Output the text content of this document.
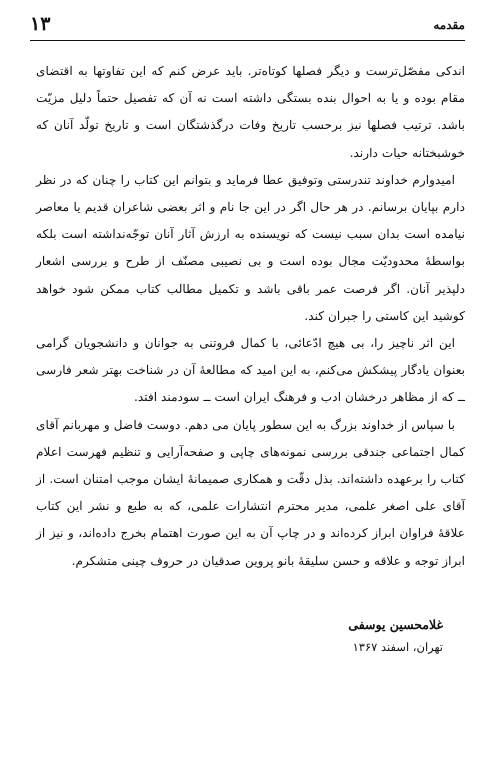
مقدمه
۱۳

اندکی مفصّل‌تر‌ست و دیگر فصلها کوتاه‌تر. باید عرض کنم که این تفاوتها به اقتضای مقام بوده و یا به احوال بنده بستگی داشته است نه آن که تفصیل حتماً دلیل مزیّت باشد. ترتیب فصلها نیز برحسب تاریخ وفات درگذشتگان است و تاریخ تولّد آنان که خوشبختانه حیات دارند.

امیدوارم خداوند تندرستی وتوفیق عطا فرماید و بتوانم این کتاب را چنان که در نظر دارم بپایان برسانم. در هر حال اگر در این جا نام و اثر بعضی شاعران قدیم یا معاصر نیامده است بدان سبب نیست که نویسنده به ارزش آثار آنان توجّه‌نداشته است بلکه بواسطهٔ محدودیّت مجال بوده است و بی نصیبی مصنّف از طرح و بررسی اشعار دلپذیر آنان. اگر فرصت عمر باقی باشد و تکمیل مطالب کتاب ممکن شود خواهد کوشید این کاستی را جبران کند.

این اثر ناچیز را، بی هیچ ادّعائی، با کمال فروتنی به جوانان و دانشجویان گرامی بعنوان یادگار پیشکش می‌کنم، به این امید که مطالعهٔ آن در شناخت بهتر شعر فارسی ــ که از مظاهر درخشان ادب و فرهنگ ایران است ــ سودمند افتد.

با سپاس از خداوند بزرگ به این سطور پایان می دهم. دوست فاضل و مهربانم آقای کمال اجتماعی جندقی بررسی نمونه‌های چاپی و صفحه‌آرایی و تنظیم فهرست اعلام کتاب را برعهده داشته‌اند. بذل دقّت و همکاری صمیمانهٔ ایشان موجب امتنان است. از آقای علی اصغر علمی، مدیر محترم انتشارات علمی، که به طبع و نشر این کتاب علاقهٔ فراوان ابراز کرده‌اند و در چاپ آن به این صورت اهتمام بخرج داده‌اند، و نیز از ابراز توجه و علاقه و حسن سلیقهٔ بانو پروین صدقیان در حروف چینی متشکرم.

غلامحسین یوسفی
تهران، اسفند ۱۳۶۷
